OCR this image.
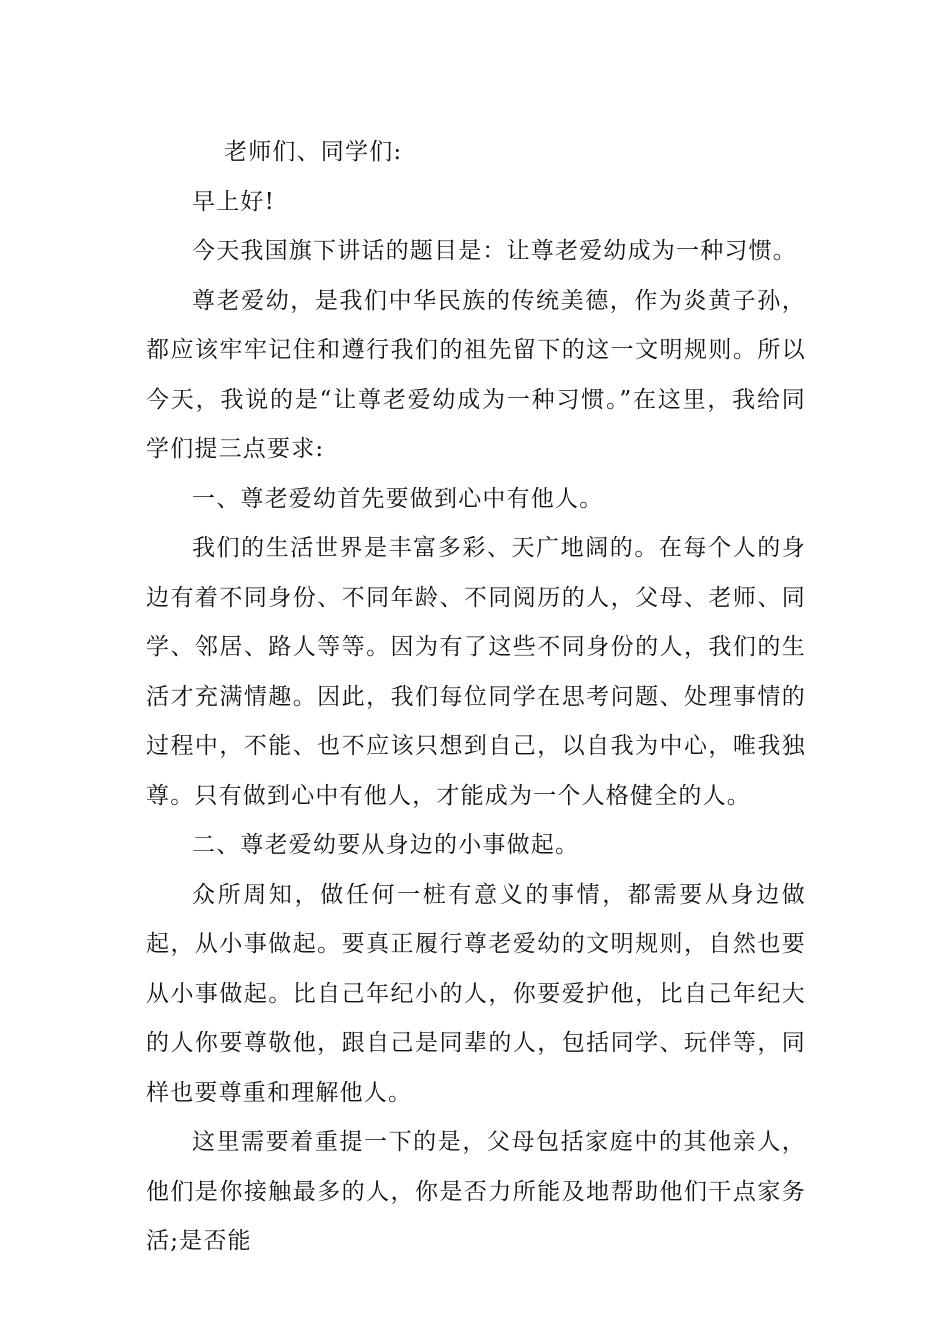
老师们、同学们:

早上好!

今天我国旗下讲话的题目是：让尊老爱幼成为一种习惯。

尊老爱幼，是我们中华民族的传统美德，作为炎黄子孙，都应该牢牢记住和遵行我们的祖先留下的这一文明规则。所以今天，我说的是“让尊老爱幼成为一种习惯。”在这里，我给同学们提三点要求:

一、尊老爱幼首先要做到心中有他人。

我们的生活世界是丰富多彩、天广地阔的。在每个人的身边有着不同身份、不同年龄、不同阅历的人，父母、老师、同学、邻居、路人等等。因为有了这些不同身份的人，我们的生活才充满情趣。因此，我们每位同学在思考问题、处理事情的过程中，不能、也不应该只想到自己，以自我为中心，唯我独尊。只有做到心中有他人，才能成为一个人格健全的人。

二、尊老爱幼要从身边的小事做起。

众所周知，做任何一桩有意义的事情，都需要从身边做起，从小事做起。要真正履行尊老爱幼的文明规则，自然也要从小事做起。比自己年纪小的人，你要爱护他，比自己年纪大的人你要尊敬他，跟自己是同辈的人，包括同学、玩伴等，同样也要尊重和理解他人。

这里需要着重提一下的是，父母包括家庭中的其他亲人，他们是你接触最多的人，你是否力所能及地帮助他们干点家务活;是否能
